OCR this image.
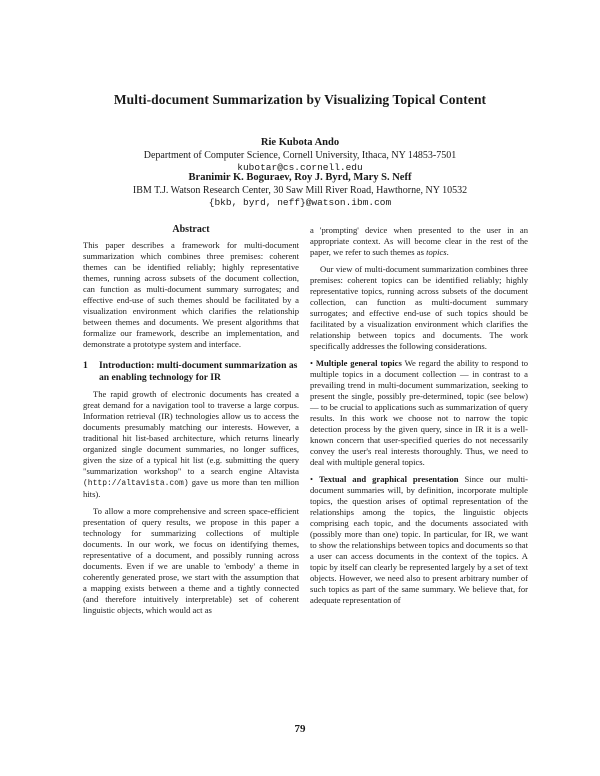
Multi-document Summarization by Visualizing Topical Content
Rie Kubota Ando
Department of Computer Science, Cornell University, Ithaca, NY 14853-7501
kubotar@cs.cornell.edu
Branimir K. Boguraev, Roy J. Byrd, Mary S. Neff
IBM T.J. Watson Research Center, 30 Saw Mill River Road, Hawthorne, NY 10532
{bkb, byrd, neff}@watson.ibm.com
Abstract

This paper describes a framework for multi-document summarization which combines three premises: coherent themes can be identified reliably; highly representative themes, running across subsets of the document collection, can function as multi-document summary surrogates; and effective end-use of such themes should be facilitated by a visualization environment which clarifies the relationship between themes and documents. We present algorithms that formalize our framework, describe an implementation, and demonstrate a prototype system and interface.

1	Introduction: multi-document summarization as an enabling technology for IR

The rapid growth of electronic documents has created a great demand for a navigation tool to traverse a large corpus. Information retrieval (IR) technologies allow us to access the documents presumably matching our interests. However, a traditional hit list-based architecture, which returns linearly organized single document summaries, no longer suffices, given the size of a typical hit list (e.g. submitting the query "summarization workshop" to a search engine Altavista (http://altavista.com) gave us more than ten million hits).

To allow a more comprehensive and screen space-efficient presentation of query results, we propose in this paper a technology for summarizing collections of multiple documents. In our work, we focus on identifying themes, representative of a document, and possibly running across documents. Even if we are unable to 'embody' a theme in coherently generated prose, we start with the assumption that a mapping exists between a theme and a tightly connected (and therefore intuitively interpretable) set of coherent linguistic objects, which would act as

a 'prompting' device when presented to the user in an appropriate context. As will become clear in the rest of the paper, we refer to such themes as topics.

Our view of multi-document summarization combines three premises: coherent topics can be identified reliably; highly representative topics, running across subsets of the document collection, can function as multi-document summary surrogates; and effective end-use of such topics should be facilitated by a visualization environment which clarifies the relationship between topics and documents. The work specifically addresses the following considerations.

• Multiple general topics We regard the ability to respond to multiple topics in a document collection — in contrast to a prevailing trend in multi-document summarization, seeking to present the single, possibly pre-determined, topic (see below) — to be crucial to applications such as summarization of query results. In this work we choose not to narrow the topic detection process by the given query, since in IR it is a well-known concern that user-specified queries do not necessarily convey the user's real interests thoroughly. Thus, we need to deal with multiple general topics.

• Textual and graphical presentation Since our multi-document summaries will, by definition, incorporate multiple topics, the question arises of optimal representation of the relationships among the topics, the linguistic objects comprising each topic, and the documents associated with (possibly more than one) topic. In particular, for IR, we want to show the relationships between topics and documents so that a user can access documents in the context of the topics. A topic by itself can clearly be represented largely by a set of text objects. However, we need also to present arbitrary number of such topics as part of the same summary. We believe that, for adequate representation of

79
